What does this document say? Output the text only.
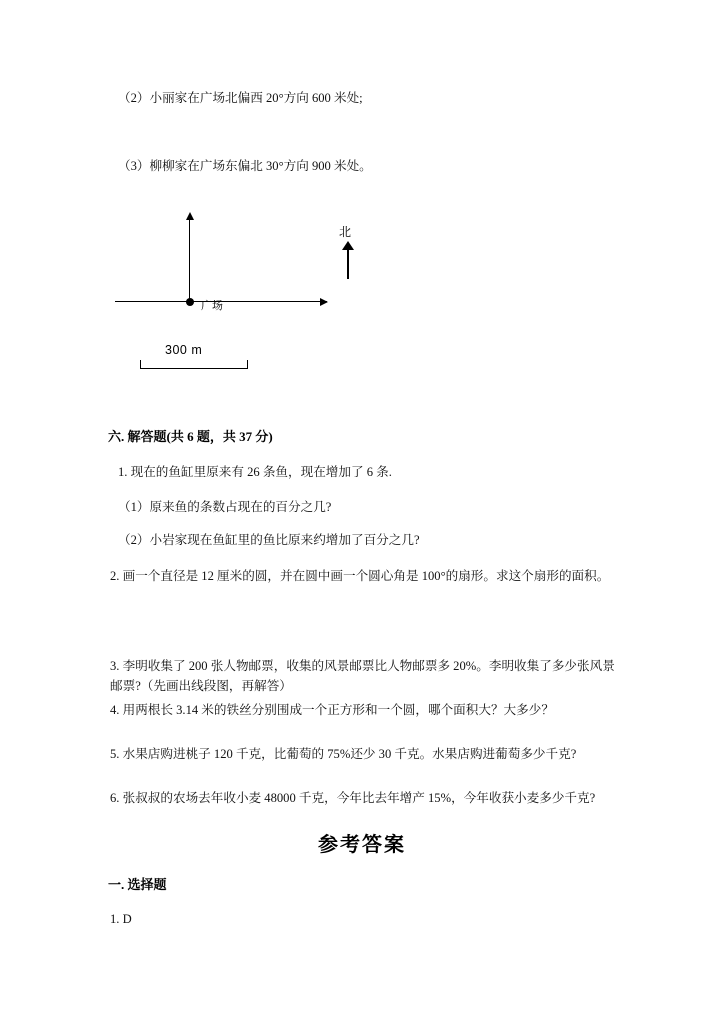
（2）小丽家在广场北偏西 20°方向 600 米处;

（3）柳柳家在广场东偏北 30°方向 900 米处。

广场
北
300 m

六. 解答题(共 6 题，共 37 分)

1. 现在的鱼缸里原来有 26 条鱼，现在增加了 6 条.

（1）原来鱼的条数占现在的百分之几?

（2）小岩家现在鱼缸里的鱼比原来约增加了百分之几?

2. 画一个直径是 12 厘米的圆，并在圆中画一个圆心角是 100°的扇形。求这个扇形的面积。

3. 李明收集了 200 张人物邮票，收集的风景邮票比人物邮票多 20%。李明收集了多少张风景邮票?（先画出线段图，再解答）

4. 用两根长 3.14 米的铁丝分别围成一个正方形和一个圆，哪个面积大？大多少？

5. 水果店购进桃子 120 千克，比葡萄的 75%还少 30 千克。水果店购进葡萄多少千克?

6. 张叔叔的农场去年收小麦 48000 千克，今年比去年增产 15%，今年收获小麦多少千克?

参考答案

一. 选择题

1. D
